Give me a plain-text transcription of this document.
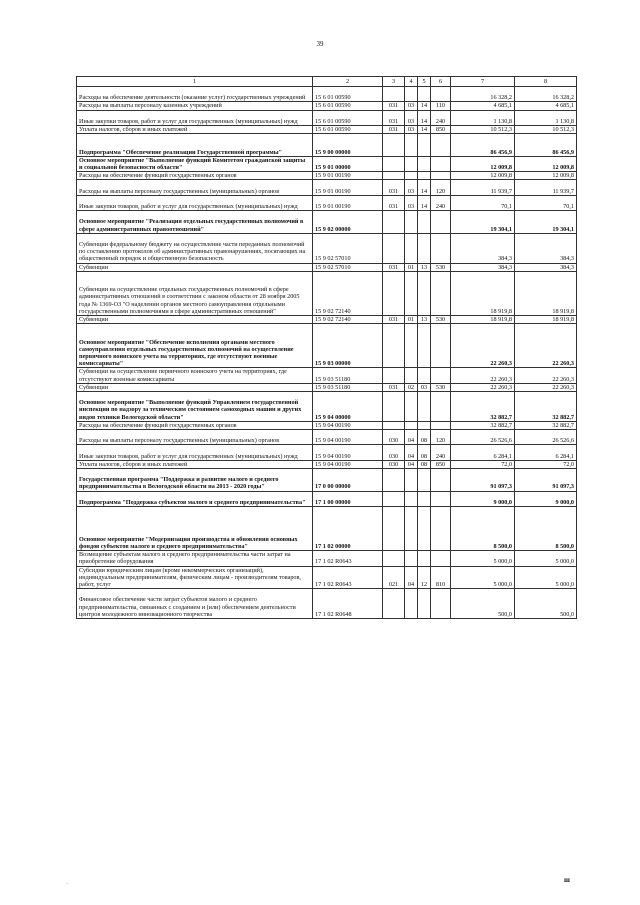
39
1	2	3	4	5	6	7	8
Расходы на обеспечение деятельности (оказание услуг) государственных учреждений	15 6 01 00590					16 328,2	16 328,2
Расходы на выплаты персоналу казенных учреждений	15 6 01 00590	031	03	14	110	4 685,1	4 685,1
Иные закупки товаров, работ и услуг для государственных (муниципальных) нужд	15 6 01 00590	031	03	14	240	1 130,8	1 130,8
Уплата налогов, сборов и иных платежей	15 6 01 00590	031	03	14	850	10 512,3	10 512,3
Подпрограмма "Обеспечение реализации Государственной программы"	15 9 00 00000					86 456,9	86 456,9
Основное мероприятие "Выполнение функций Комитетом гражданской защиты и социальной безопасности области"	15 9 01 00000					12 009,8	12 009,8
Расходы на обеспечение функций государственных органов	15 9 01 00190					12 009,8	12 009,8
Расходы на выплаты персоналу государственных (муниципальных) органов	15 9 01 00190	031	03	14	120	11 939,7	11 939,7
Иные закупки товаров, работ и услуг для государственных (муниципальных) нужд	15 9 01 00190	031	03	14	240	70,1	70,1
Основное мероприятие "Реализация отдельных государственных полномочий в сфере административных правоотношений"	15 9 02 00000					19 304,1	19 304,1
Субвенции федеральному бюджету на осуществление части переданных полномочий по составлению протоколов об административных правонарушениях, посягающих на общественный порядок и общественную безопасность	15 9 02 57010					384,3	384,3
Субвенции	15 9 02 57010	031	01	13	530	384,3	384,3
Субвенции на осуществление отдельных государственных полномочий в сфере административных отношений в соответствии с законом области от 28 ноября 2005 года № 1369-ОЗ "О наделении органов местного самоуправления отдельными государственными полномочиями в сфере административных отношений"	15 9 02 72140					18 919,8	18 919,8
Субвенции	15 9 02 72140	031	01	13	530	18 919,8	18 919,8
Основное мероприятие "Обеспечение исполнения органами местного самоуправления отдельных государственных полномочий на осуществление первичного воинского учета на территориях, где отсутствуют военные комиссариаты"	15 9 03 00000					22 260,3	22 260,3
Субвенции на осуществление первичного воинского учета на территориях, где отсутствуют военные комиссариаты	15 9 03 51180					22 260,3	22 260,3
Субвенции	15 9 03 51180	031	02	03	530	22 260,3	22 260,3
Основное мероприятие "Выполнение функций Управлением государственной инспекции по надзору за техническим состоянием самоходных машин и других видов техники Вологодской области"	15 9 04 00000					32 882,7	32 882,7
Расходы на обеспечение функций государственных органов	15 9 04 00190					32 882,7	32 882,7
Расходы на выплаты персоналу государственных (муниципальных) органов	15 9 04 00190	030	04	08	120	26 526,6	26 526,6
Иные закупки товаров, работ и услуг для государственных (муниципальных) нужд	15 9 04 00190	030	04	08	240	6 284,1	6 284,1
Уплата налогов, сборов и иных платежей	15 9 04 00190	030	04	08	850	72,0	72,0
Государственная программа "Поддержка и развитие малого и среднего предпринимательства в Вологодской области на 2013 - 2020 годы"	17 0 00 00000					91 097,3	91 097,3
Подпрограмма "Поддержка субъектов малого и среднего предпринимательства"	17 1 00 00000					9 000,0	9 000,0
Основное мероприятие "Модернизация производства и обновления основных фондов субъектов малого и среднего предпринимательства"	17 1 02 00000					8 500,0	8 500,0
Возмещение субъектам малого и среднего предпринимательства части затрат на приобретение оборудования	17 1 02 R0643					5 000,0	5 000,0
Субсидии юридическим лицам (кроме некоммерческих организаций), индивидуальным предпринимателям, физическим лицам - производителям товаров, работ, услуг	17 1 02 R0643	021	04	12	810	5 000,0	5 000,0
Финансовое обеспечение части затрат субъектов малого и среднего предпринимательства, связанных с созданием и (или) обеспечением деятельности центров молодежного инновационного творчества	17 1 02 R0648					500,0	500,0
·	ш
